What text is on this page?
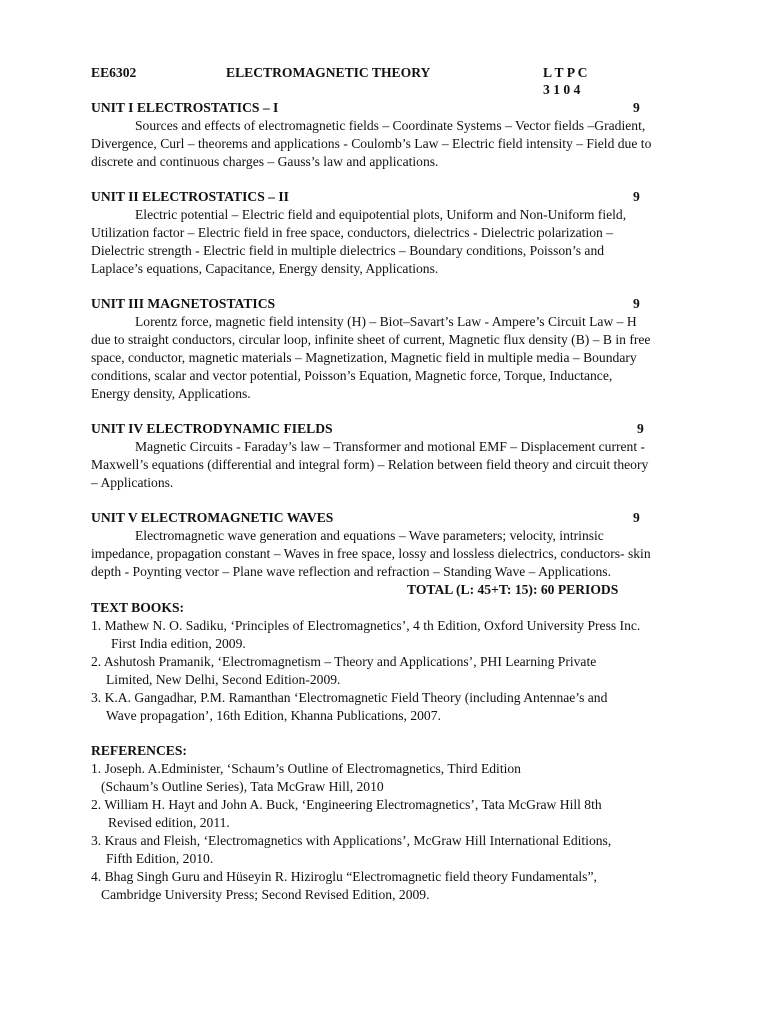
EE6302	ELECTROMAGNETIC THEORY	L T P C
3 1 0 4
UNIT I ELECTROSTATICS – I	9
Sources and effects of electromagnetic fields – Coordinate Systems – Vector fields –Gradient,
Divergence, Curl – theorems and applications - Coulomb’s Law – Electric field intensity – Field due to
discrete and continuous charges – Gauss’s law and applications.
UNIT II ELECTROSTATICS – II	9
Electric potential – Electric field and equipotential plots, Uniform and Non-Uniform field,
Utilization factor – Electric field in free space, conductors, dielectrics - Dielectric polarization –
Dielectric strength - Electric field in multiple dielectrics – Boundary conditions, Poisson’s and
Laplace’s equations, Capacitance, Energy density, Applications.
UNIT III MAGNETOSTATICS	9
Lorentz force, magnetic field intensity (H) – Biot–Savart’s Law - Ampere’s Circuit Law – H
due to straight conductors, circular loop, infinite sheet of current, Magnetic flux density (B) – B in free
space, conductor, magnetic materials – Magnetization, Magnetic field in multiple media – Boundary
conditions, scalar and vector potential, Poisson’s Equation, Magnetic force, Torque, Inductance,
Energy density, Applications.
UNIT IV ELECTRODYNAMIC FIELDS	9
Magnetic Circuits - Faraday’s law – Transformer and motional EMF – Displacement current -
Maxwell’s equations (differential and integral form) – Relation between field theory and circuit theory
– Applications.
UNIT V ELECTROMAGNETIC WAVES	9
Electromagnetic wave generation and equations – Wave parameters; velocity, intrinsic
impedance, propagation constant – Waves in free space, lossy and lossless dielectrics, conductors- skin
depth - Poynting vector – Plane wave reflection and refraction – Standing Wave – Applications.
TOTAL (L: 45+T: 15): 60 PERIODS
TEXT BOOKS:
1. Mathew N. O. Sadiku, ‘Principles of Electromagnetics’, 4 th Edition, Oxford University Press Inc.
First India edition, 2009.
2. Ashutosh Pramanik, ‘Electromagnetism – Theory and Applications’, PHI Learning Private
Limited, New Delhi, Second Edition-2009.
3. K.A. Gangadhar, P.M. Ramanthan ‘Electromagnetic Field Theory (including Antennae’s and
Wave propagation’, 16th Edition, Khanna Publications, 2007.
REFERENCES:
1. Joseph. A.Edminister, ‘Schaum’s Outline of Electromagnetics, Third Edition
(Schaum’s Outline Series), Tata McGraw Hill, 2010
2. William H. Hayt and John A. Buck, ‘Engineering Electromagnetics’, Tata McGraw Hill 8th
Revised edition, 2011.
3. Kraus and Fleish, ‘Electromagnetics with Applications’, McGraw Hill International Editions,
Fifth Edition, 2010.
4. Bhag Singh Guru and Hüseyin R. Hiziroglu “Electromagnetic field theory Fundamentals”,
Cambridge University Press; Second Revised Edition, 2009.
